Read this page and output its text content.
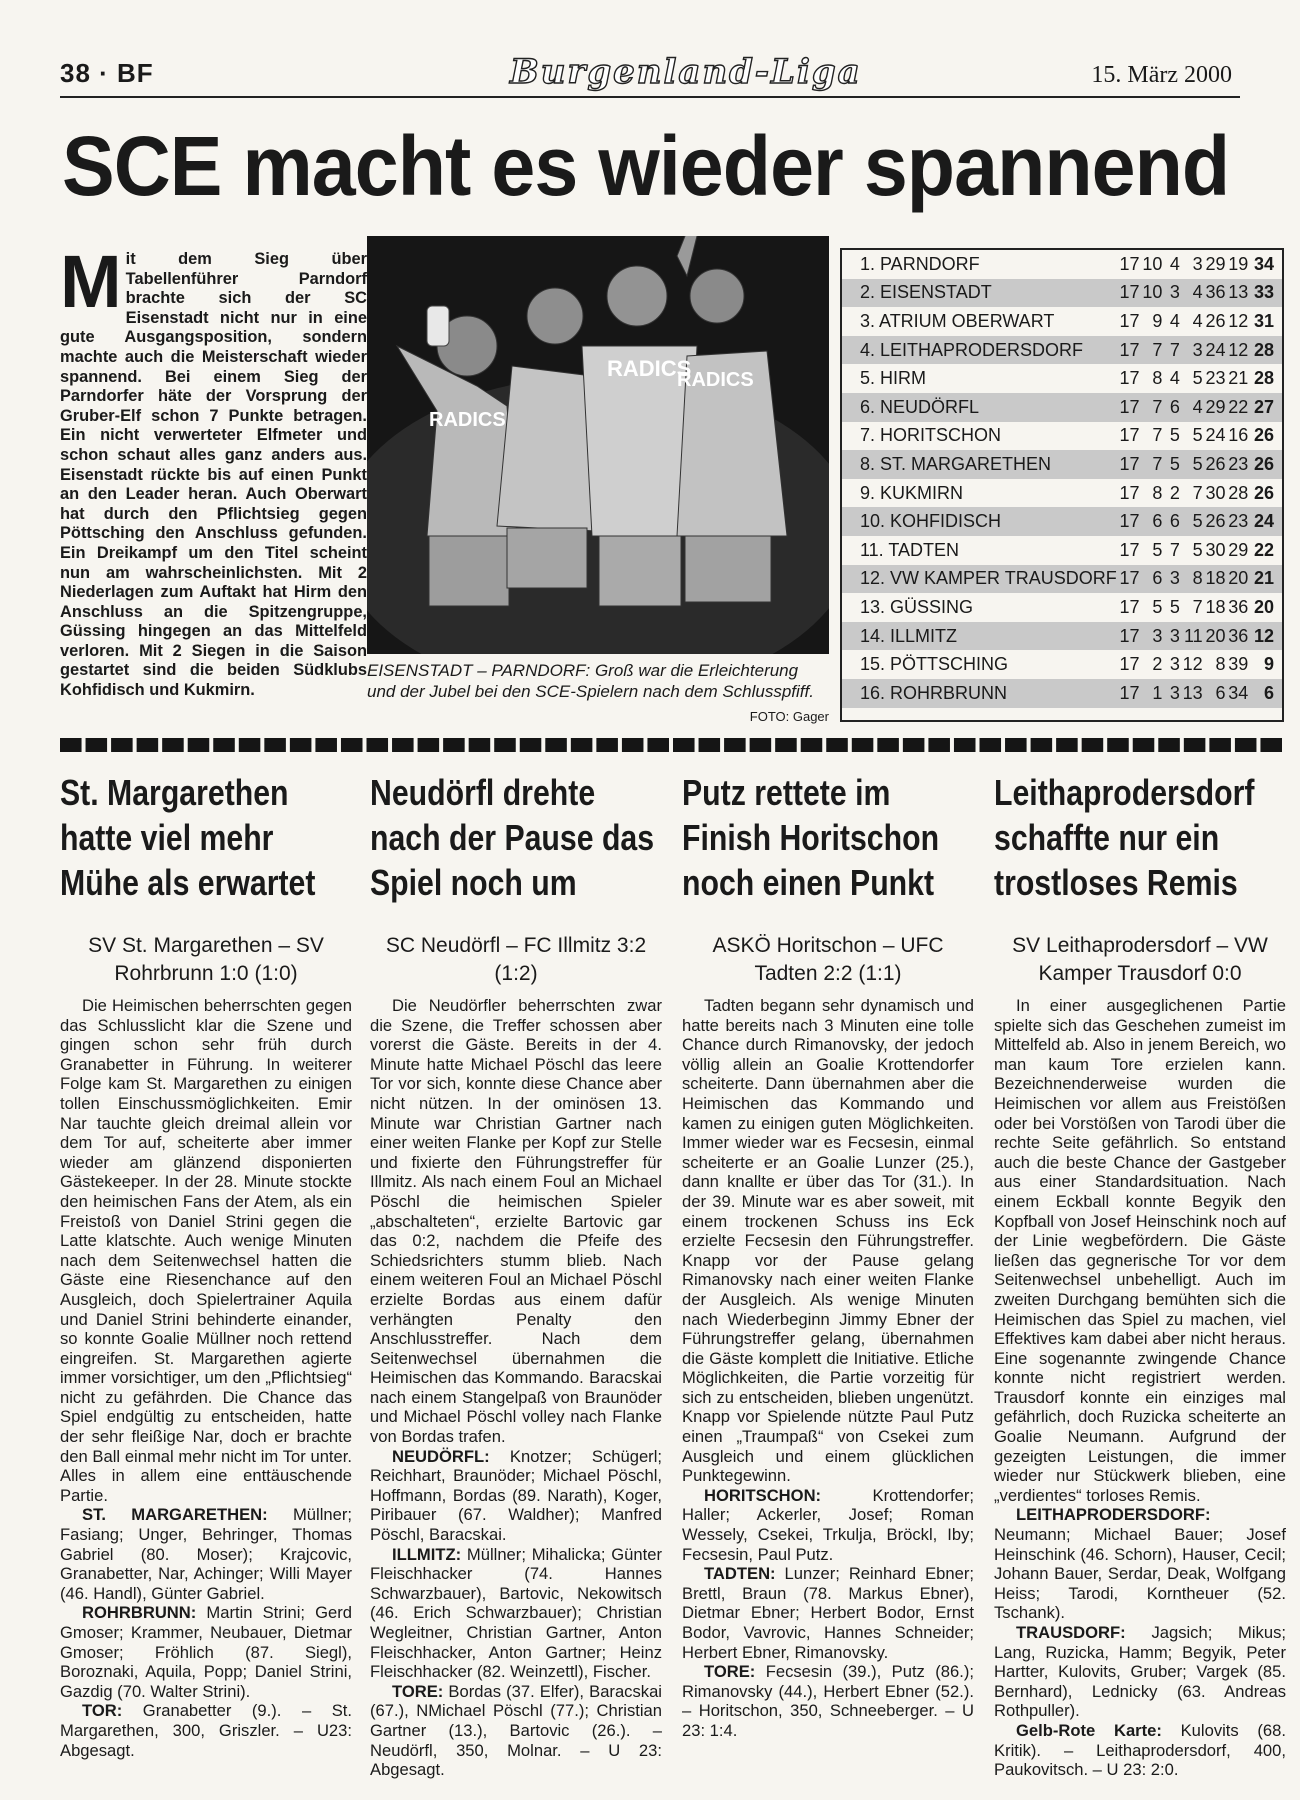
38 · BF	Burgenland-Liga	15. März 2000
SCE macht es wieder spannend
Mit dem Sieg über Tabellenführer Parndorf brachte sich der SC Eisenstadt nicht nur in eine gute Ausgangsposition, sondern machte auch die Meisterschaft wieder spannend. Bei einem Sieg der Parndorfer häte der Vorsprung der Gruber-Elf schon 7 Punkte betragen. Ein nicht verwerteter Elfmeter und schon schaut alles ganz anders aus. Eisenstadt rückte bis auf einen Punkt an den Leader heran. Auch Oberwart hat durch den Pflichtsieg gegen Pöttsching den Anschluss gefunden. Ein Dreikampf um den Titel scheint nun am wahrscheinlichsten. Mit 2 Niederlagen zum Auftakt hat Hirm den Anschluss an die Spitzengruppe, Güssing hingegen an das Mittelfeld verloren. Mit 2 Siegen in die Saison gestartet sind die beiden Südklubs Kohfidisch und Kukmirn.
RADICS
RADICS
RADICS
EISENSTADT – PARNDORF: Groß war die Erleichterung und der Jubel bei den SCE-Spielern nach dem Schlusspfiff.
FOTO: Gager
1. PARNDORF	17	10	4	3	29	19	34
2. EISENSTADT	17	10	3	4	36	13	33
3. ATRIUM OBERWART	17	9	4	4	26	12	31
4. LEITHAPRODERSDORF	17	7	7	3	24	12	28
5. HIRM	17	8	4	5	23	21	28
6. NEUDÖRFL	17	7	6	4	29	22	27
7. HORITSCHON	17	7	5	5	24	16	26
8. ST. MARGARETHEN	17	7	5	5	26	23	26
9. KUKMIRN	17	8	2	7	30	28	26
10. KOHFIDISCH	17	6	6	5	26	23	24
11. TADTEN	17	5	7	5	30	29	22
12. VW KAMPER TRAUSDORF	17	6	3	8	18	20	21
13. GÜSSING	17	5	5	7	18	36	20
14. ILLMITZ	17	3	3	11	20	36	12
15. PÖTTSCHING	17	2	3	12	8	39	9
16. ROHRBRUNN	17	1	3	13	6	34	6
St. Margarethen hatte viel mehr Mühe als erwartet
SV St. Margarethen – SV Rohrbrunn 1:0 (1:0)

Die Heimischen beherrschten gegen das Schlusslicht klar die Szene und gingen schon sehr früh durch Granabetter in Führung. In weiterer Folge kam St. Margarethen zu einigen tollen Einschussmöglichkeiten. Emir Nar tauchte gleich dreimal allein vor dem Tor auf, scheiterte aber immer wieder am glänzend disponierten Gästekeeper. In der 28. Minute stockte den heimischen Fans der Atem, als ein Freistoß von Daniel Strini gegen die Latte klatschte. Auch wenige Minuten nach dem Seitenwechsel hatten die Gäste eine Riesenchance auf den Ausgleich, doch Spielertrainer Aquila und Daniel Strini behinderte einander, so konnte Goalie Müllner noch rettend eingreifen. St. Margarethen agierte immer vorsichtiger, um den „Pflichtsieg“ nicht zu gefährden. Die Chance das Spiel endgültig zu entscheiden, hatte der sehr fleißige Nar, doch er brachte den Ball einmal mehr nicht im Tor unter. Alles in allem eine enttäuschende Partie.

ST. MARGARETHEN: Müllner; Fasiang; Unger, Behringer, Thomas Gabriel (80. Moser); Krajcovic, Granabetter, Nar, Achinger; Willi Mayer (46. Handl), Günter Gabriel.

ROHRBRUNN: Martin Strini; Gerd Gmoser; Krammer, Neubauer, Dietmar Gmoser; Fröhlich (87. Siegl), Boroznaki, Aquila, Popp; Daniel Strini, Gazdig (70. Walter Strini).

TOR: Granabetter (9.). – St. Margarethen, 300, Griszler. – U23: Abgesagt.

Neudörfl drehte nach der Pause das Spiel noch um
SC Neudörfl – FC Illmitz 3:2 (1:2)

Die Neudörfler beherrschten zwar die Szene, die Treffer schossen aber vorerst die Gäste. Bereits in der 4. Minute hatte Michael Pöschl das leere Tor vor sich, konnte diese Chance aber nicht nützen. In der ominösen 13. Minute war Christian Gartner nach einer weiten Flanke per Kopf zur Stelle und fixierte den Führungstreffer für Illmitz. Als nach einem Foul an Michael Pöschl die heimischen Spieler „abschalteten“, erzielte Bartovic gar das 0:2, nachdem die Pfeife des Schiedsrichters stumm blieb. Nach einem weiteren Foul an Michael Pöschl erzielte Bordas aus einem dafür verhängten Penalty den Anschlusstreffer. Nach dem Seitenwechsel übernahmen die Heimischen das Kommando. Baracskai nach einem Stangelpaß von Braunöder und Michael Pöschl volley nach Flanke von Bordas trafen.

NEUDÖRFL: Knotzer; Schügerl; Reichhart, Braunöder; Michael Pöschl, Hoffmann, Bordas (89. Narath), Koger, Piribauer (67. Waldher); Manfred Pöschl, Baracskai.

ILLMITZ: Müllner; Mihalicka; Günter Fleischhacker (74. Hannes Schwarzbauer), Bartovic, Nekowitsch (46. Erich Schwarzbauer); Christian Wegleitner, Christian Gartner, Anton Fleischhacker, Anton Gartner; Heinz Fleischhacker (82. Weinzettl), Fischer.

TORE: Bordas (37. Elfer), Baracskai (67.), NMichael Pöschl (77.); Christian Gartner (13.), Bartovic (26.). – Neudörfl, 350, Molnar. – U 23: Abgesagt.

Putz rettete im Finish Horitschon noch einen Punkt
ASKÖ Horitschon – UFC Tadten 2:2 (1:1)

Tadten begann sehr dynamisch und hatte bereits nach 3 Minuten eine tolle Chance durch Rimanovsky, der jedoch völlig allein an Goalie Krottendorfer scheiterte. Dann übernahmen aber die Heimischen das Kommando und kamen zu einigen guten Möglichkeiten. Immer wieder war es Fecsesin, einmal scheiterte er an Goalie Lunzer (25.), dann knallte er über das Tor (31.). In der 39. Minute war es aber soweit, mit einem trockenen Schuss ins Eck erzielte Fecsesin den Führungstreffer. Knapp vor der Pause gelang Rimanovsky nach einer weiten Flanke der Ausgleich. Als wenige Minuten nach Wiederbeginn Jimmy Ebner der Führungstreffer gelang, übernahmen die Gäste komplett die Initiative. Etliche Möglichkeiten, die Partie vorzeitig für sich zu entscheiden, blieben ungenützt. Knapp vor Spielende nützte Paul Putz einen „Traumpaß“ von Csekei zum Ausgleich und einem glücklichen Punktegewinn.

HORITSCHON: Krottendorfer; Haller; Ackerler, Josef; Roman Wessely, Csekei, Trkulja, Bröckl, Iby; Fecsesin, Paul Putz.

TADTEN: Lunzer; Reinhard Ebner; Brettl, Braun (78. Markus Ebner), Dietmar Ebner; Herbert Bodor, Ernst Bodor, Vavrovic, Hannes Schneider; Herbert Ebner, Rimanovsky.

TORE: Fecsesin (39.), Putz (86.); Rimanovsky (44.), Herbert Ebner (52.). – Horitschon, 350, Schneeberger. – U 23: 1:4.

Leithaprodersdorf schaffte nur ein trostloses Remis
SV Leithaprodersdorf – VW Kamper Trausdorf 0:0

In einer ausgeglichenen Partie spielte sich das Geschehen zumeist im Mittelfeld ab. Also in jenem Bereich, wo man kaum Tore erzielen kann. Bezeichnenderweise wurden die Heimischen vor allem aus Freistößen oder bei Vorstößen von Tarodi über die rechte Seite gefährlich. So entstand auch die beste Chance der Gastgeber aus einer Standardsituation. Nach einem Eckball konnte Begyik den Kopfball von Josef Heinschink noch auf der Linie wegbefördern. Die Gäste ließen das gegnerische Tor vor dem Seitenwechsel unbehelligt. Auch im zweiten Durchgang bemühten sich die Heimischen das Spiel zu machen, viel Effektives kam dabei aber nicht heraus. Eine sogenannte zwingende Chance konnte nicht registriert werden. Trausdorf konnte ein einziges mal gefährlich, doch Ruzicka scheiterte an Goalie Neumann. Aufgrund der gezeigten Leistungen, die immer wieder nur Stückwerk blieben, eine „verdientes“ torloses Remis.

LEITHAPRODERSDORF: Neumann; Michael Bauer; Josef Heinschink (46. Schorn), Hauser, Cecil; Johann Bauer, Serdar, Deak, Wolfgang Heiss; Tarodi, Korntheuer (52. Tschank).

TRAUSDORF: Jagsich; Mikus; Lang, Ruzicka, Hamm; Begyik, Peter Hartter, Kulovits, Gruber; Vargek (85. Bernhard), Lednicky (63. Andreas Rothpuller).

Gelb-Rote Karte: Kulovits (68. Kritik). – Leithaprodersdorf, 400, Paukovitsch. – U 23: 2:0.
